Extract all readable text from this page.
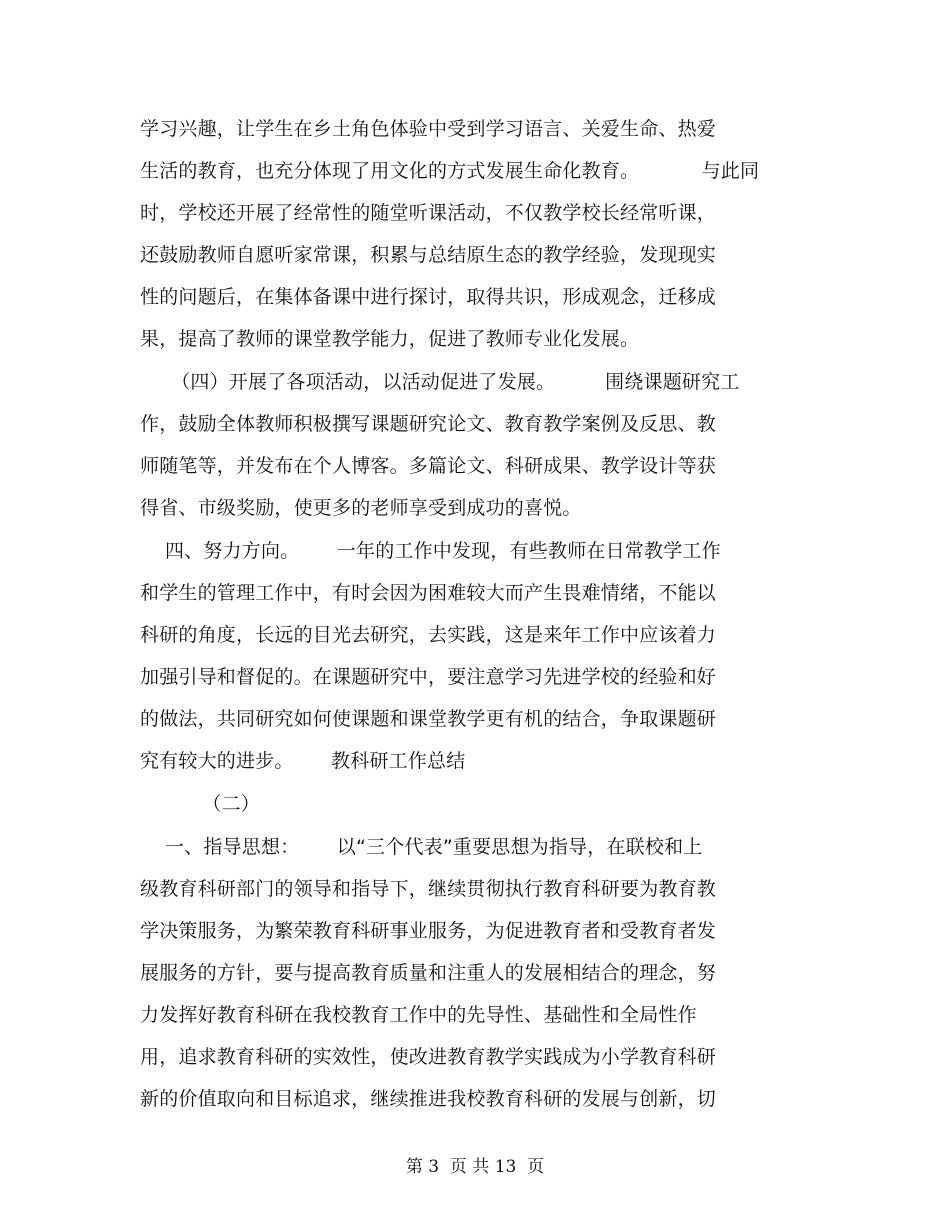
学习兴趣，让学生在乡土角色体验中受到学习语言、关爱生命、热爱
生活的教育，也充分体现了用文化的方式发展生命化教育。          与此同
时，学校还开展了经常性的随堂听课活动，不仅教学校长经常听课，
还鼓励教师自愿听家常课，积累与总结原生态的教学经验，发现现实
性的问题后，在集体备课中进行探讨，取得共识，形成观念，迁移成
果，提高了教师的课堂教学能力，促进了教师专业化发展。
（四）开展了各项活动，以活动促进了发展。        围绕课题研究工
作，鼓励全体教师积极撰写课题研究论文、教育教学案例及反思、教
师随笔等，并发布在个人博客。多篇论文、科研成果、教学设计等获
得省、市级奖励，使更多的老师享受到成功的喜悦。
四、努力方向。      一年的工作中发现，有些教师在日常教学工作
和学生的管理工作中，有时会因为困难较大而产生畏难情绪，不能以
科研的角度，长远的目光去研究，去实践，这是来年工作中应该着力
加强引导和督促的。在课题研究中，要注意学习先进学校的经验和好
的做法，共同研究如何使课题和课堂教学更有机的结合，争取课题研
究有较大的进步。      教科研工作总结
（二）
一、指导思想：      以“三个代表”重要思想为指导，在联校和上
级教育科研部门的领导和指导下，继续贯彻执行教育科研要为教育教
学决策服务，为繁荣教育科研事业服务，为促进教育者和受教育者发
展服务的方针，要与提高教育质量和注重人的发展相结合的理念，努
力发挥好教育科研在我校教育工作中的先导性、基础性和全局性作
用，追求教育科研的实效性，使改进教育教学实践成为小学教育科研
新的价值取向和目标追求，继续推进我校教育科研的发展与创新，切
第 3  页 共 13  页
